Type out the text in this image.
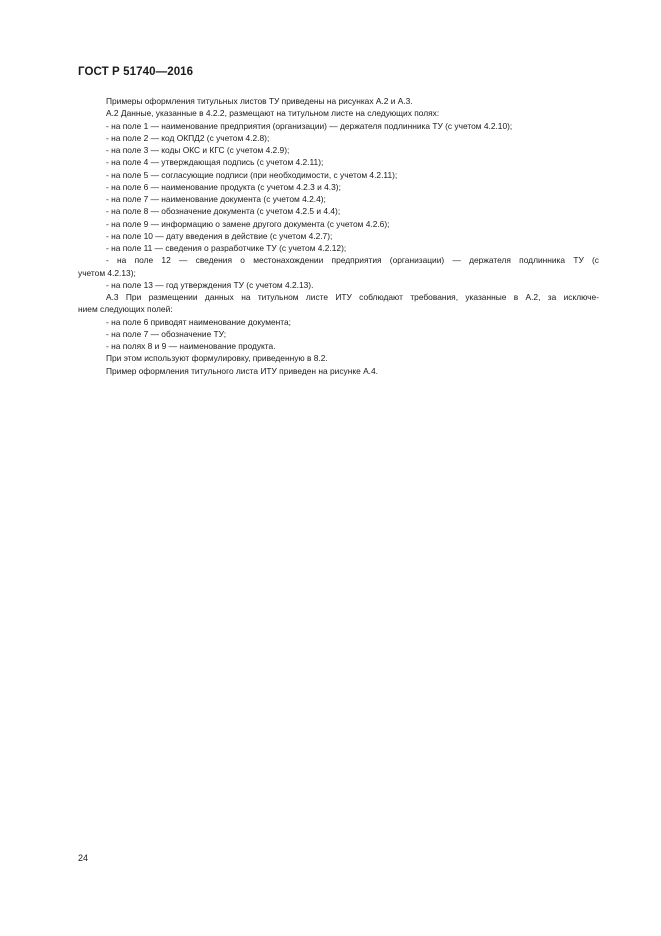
ГОСТ Р 51740—2016
Примеры оформления титульных листов ТУ приведены на рисунках А.2 и А.3.
А.2 Данные, указанные в 4.2.2, размещают на титульном листе на следующих полях:
- на поле 1 — наименование предприятия (организации) — держателя подлинника ТУ (с учетом 4.2.10);
- на поле 2 — код ОКПД2 (с учетом 4.2.8);
- на поле 3 — коды ОКС и КГС (с учетом 4.2.9);
- на поле 4 — утверждающая подпись (с учетом 4.2.11);
- на поле 5 — согласующие подписи (при необходимости, с учетом 4.2.11);
- на поле 6 — наименование продукта (с учетом 4.2.3 и 4.3);
- на поле 7 — наименование документа (с учетом 4.2.4);
- на поле 8 — обозначение документа (с учетом 4.2.5 и 4.4);
- на поле 9 — информацию о замене другого документа (с учетом 4.2.6);
- на поле 10 — дату введения в действие (с учетом 4.2.7);
- на поле 11 — сведения о разработчике ТУ (с учетом 4.2.12);
- на поле 12 — сведения о местонахождении предприятия (организации) — держателя подлинника ТУ (с
учетом 4.2.13);
- на поле 13 — год утверждения ТУ (с учетом 4.2.13).
А.3 При размещении данных на титульном листе ИТУ соблюдают требования, указанные в А.2, за исключе-
нием следующих полей:
- на поле 6 приводят наименование документа;
- на поле 7 — обозначение ТУ;
- на полях 8 и 9 — наименование продукта.
При этом используют формулировку, приведенную в 8.2.
Пример оформления титульного листа ИТУ приведен на рисунке А.4.
24
